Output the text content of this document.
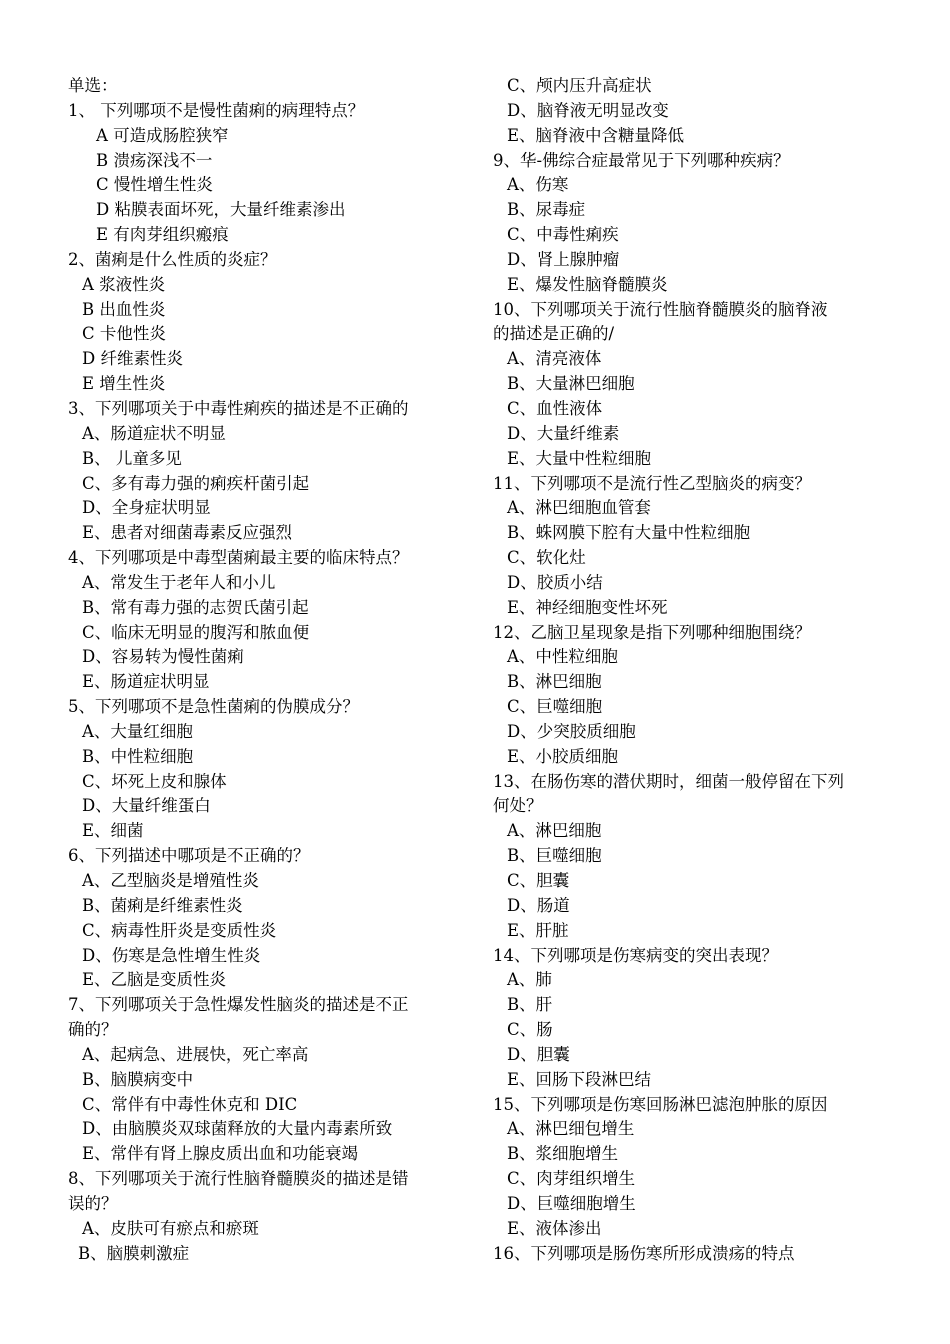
单选：
1、 下列哪项不是慢性菌痢的病理特点？
A 可造成肠腔狭窄
B 溃疡深浅不一
C 慢性增生性炎
D 粘膜表面坏死，大量纤维素渗出
E 有肉芽组织瘢痕
2、菌痢是什么性质的炎症？
A 浆液性炎
B 出血性炎
C 卡他性炎
D 纤维素性炎
E 增生性炎
3、下列哪项关于中毒性痢疾的描述是不正确的
A、肠道症状不明显
B、 儿童多见
C、多有毒力强的痢疾杆菌引起
D、全身症状明显
E、患者对细菌毒素反应强烈
4、下列哪项是中毒型菌痢最主要的临床特点？
A、常发生于老年人和小儿
B、常有毒力强的志贺氏菌引起
C、临床无明显的腹泻和脓血便
D、容易转为慢性菌痢
E、肠道症状明显
5、下列哪项不是急性菌痢的伪膜成分？
A、大量红细胞
B、中性粒细胞
C、坏死上皮和腺体
D、大量纤维蛋白
E、细菌
6、下列描述中哪项是不正确的？
A、乙型脑炎是增殖性炎
B、菌痢是纤维素性炎
C、病毒性肝炎是变质性炎
D、伤寒是急性增生性炎
E、乙脑是变质性炎
7、下列哪项关于急性爆发性脑炎的描述是不正
确的？
A、起病急、进展快，死亡率高
B、脑膜病变中
C、常伴有中毒性休克和 DIC
D、由脑膜炎双球菌释放的大量内毒素所致
E、常伴有肾上腺皮质出血和功能衰竭
8、下列哪项关于流行性脑脊髓膜炎的描述是错
误的？
A、皮肤可有瘀点和瘀斑
B、脑膜刺激症
C、颅内压升高症状
D、脑脊液无明显改变
E、脑脊液中含糖量降低
9、华-佛综合症最常见于下列哪种疾病？
A、伤寒
B、尿毒症
C、中毒性痢疾
D、肾上腺肿瘤
E、爆发性脑脊髓膜炎
10、下列哪项关于流行性脑脊髓膜炎的脑脊液
的描述是正确的/
A、清亮液体
B、大量淋巴细胞
C、血性液体
D、大量纤维素
E、大量中性粒细胞
11、下列哪项不是流行性乙型脑炎的病变？
A、淋巴细胞血管套
B、蛛网膜下腔有大量中性粒细胞
C、软化灶
D、胶质小结
E、神经细胞变性坏死
12、乙脑卫星现象是指下列哪种细胞围绕？
A、中性粒细胞
B、淋巴细胞
C、巨噬细胞
D、少突胶质细胞
E、小胶质细胞
13、在肠伤寒的潜伏期时，细菌一般停留在下列
何处？
A、淋巴细胞
B、巨噬细胞
C、胆囊
D、肠道
E、肝脏
14、下列哪项是伤寒病变的突出表现？
A、肺
B、肝
C、肠
D、胆囊
E、回肠下段淋巴结
15、下列哪项是伤寒回肠淋巴滤泡肿胀的原因
A、淋巴细包增生
B、浆细胞增生
C、肉芽组织增生
D、巨噬细胞增生
E、液体渗出
16、下列哪项是肠伤寒所形成溃疡的特点
